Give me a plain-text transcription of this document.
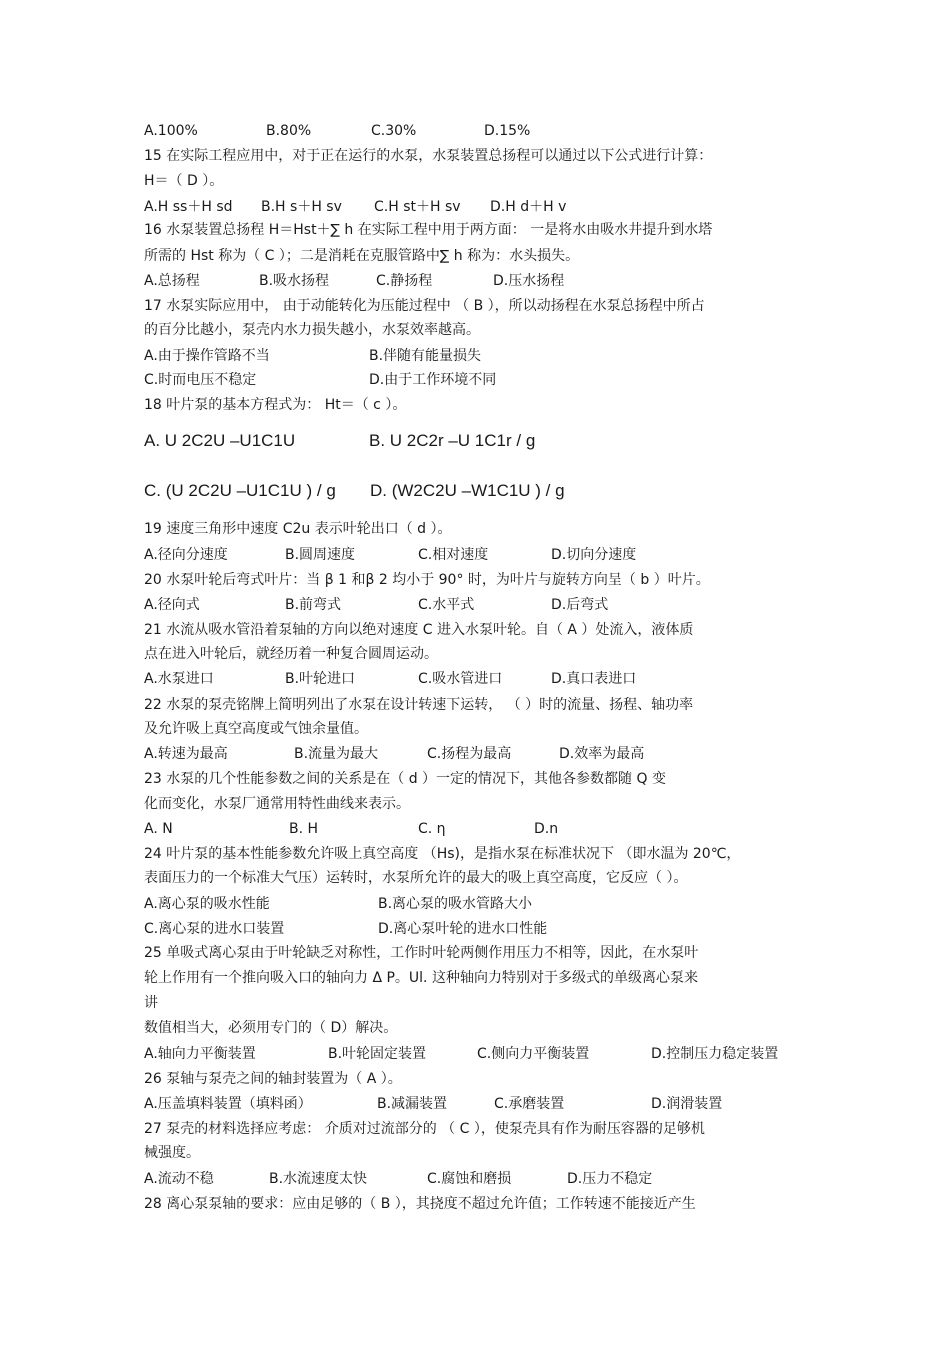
A.100%	B.80%	C.30%	D.15%
15 在实际工程应用中，对于正在运行的水泵，水泵装置总扬程可以通过以下公式进行计算：
H＝（ D ）。
A.H ss＋H sd B.H s＋H sv C.H st＋H sv D.H d＋H v
16 水泵装置总扬程 H＝Hst＋∑ h 在实际工程中用于两方面： 一是将水由吸水井提升到水塔
所需的 Hst 称为（ C ）；二是消耗在克服管路中∑ h 称为：水头损失。
A.总扬程	B.吸水扬程	C.静扬程	D.压水扬程
17 水泵实际应用中， 由于动能转化为压能过程中 （ B ），所以动扬程在水泵总扬程中所占
的百分比越小，泵壳内水力损失越小，水泵效率越高。
A.由于操作管路不当	B.伴随有能量损失
C.时而电压不稳定	D.由于工作环境不同
18 叶片泵的基本方程式为： Ht＝（ c ）。
A. U 2C2U –U1C1U	B. U 2C2r –U 1C1r / g
C. (U 2C2U –U1C1U ) / g D. (W2C2U –W1C1U ) / g
19 速度三角形中速度 C2u 表示叶轮出口（ d ）。
A.径向分速度	B.圆周速度	C.相对速度	D.切向分速度
20 水泵叶轮后弯式叶片：当 β 1 和β 2 均小于 90° 时，为叶片与旋转方向呈（ b ）叶片。
A.径向式	B.前弯式	C.水平式	D.后弯式
21 水流从吸水管沿着泵轴的方向以绝对速度 C 进入水泵叶轮。自（ A ）处流入，液体质
点在进入叶轮后，就经历着一种复合圆周运动。
A.水泵进口	B.叶轮进口	C.吸水管进口	D.真口表进口
22 水泵的泵壳铭牌上简明列出了水泵在设计转速下运转， （ ）时的流量、扬程、轴功率
及允许吸上真空高度或气蚀余量值。
A.转速为最高	B.流量为最大	C.扬程为最高	D.效率为最高
23 水泵的几个性能参数之间的关系是在（ d ）一定的情况下，其他各参数都随 Q 变
化而变化，水泵厂通常用特性曲线来表示。
A. N	B. H	C. η	D.n
24 叶片泵的基本性能参数允许吸上真空高度 （Hs)，是指水泵在标准状况下 （即水温为 20℃，
表面压力的一个标准大气压）运转时，水泵所允许的最大的吸上真空高度，它反应（ ）。
A.离心泵的吸水性能	B.离心泵的吸水管路大小
C.离心泵的进水口装置	D.离心泵叶轮的进水口性能
25 单吸式离心泵由于叶轮缺乏对称性，工作时叶轮两侧作用压力不相等，因此，在水泵叶
轮上作用有一个推向吸入口的轴向力 Δ P。Ul. 这种轴向力特别对于多级式的单级离心泵来
讲
数值相当大，必须用专门的（ D）解决。
A.轴向力平衡装置	B.叶轮固定装置	C.侧向力平衡装置	D.控制压力稳定装置
26 泵轴与泵壳之间的轴封装置为（ A ）。
A.压盖填料装置（填料函）	B.减漏装置	C.承磨装置	D.润滑装置
27 泵壳的材料选择应考虑： 介质对过流部分的 （ C ），使泵壳具有作为耐压容器的足够机
械强度。
A.流动不稳	B.水流速度太快	C.腐蚀和磨损	D.压力不稳定
28 离心泵泵轴的要求：应由足够的（ B ），其挠度不超过允许值；工作转速不能接近产生
